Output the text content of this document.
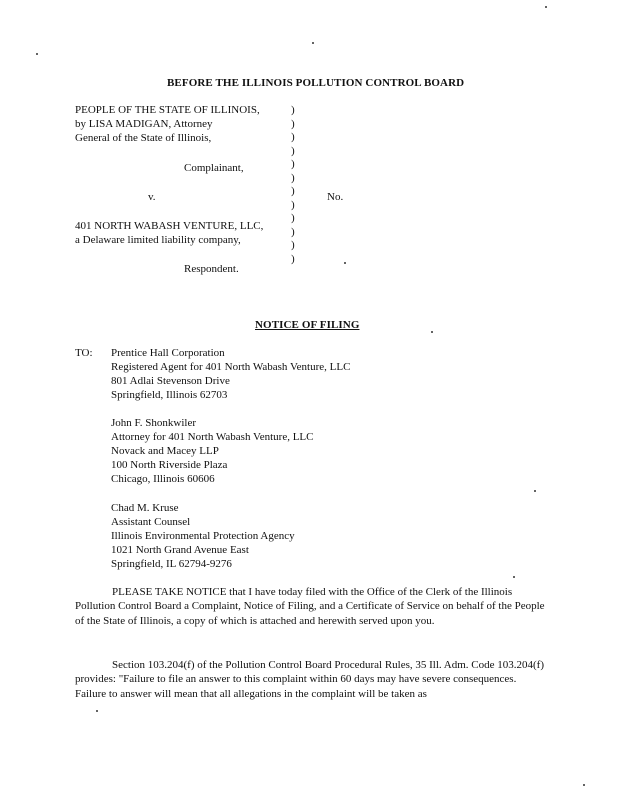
BEFORE THE ILLINOIS POLLUTION CONTROL BOARD
PEOPLE OF THE STATE OF ILLINOIS,
by LISA MADIGAN, Attorney
General of the State of Illinois,
Complainant,
v.	No.
401 NORTH WABASH VENTURE, LLC,
a Delaware limited liability company,
Respondent.
)
)
)
)
)
)
)
)
)
)
)
)
NOTICE OF FILING
TO: Prentice Hall Corporation
Registered Agent for 401 North Wabash Venture, LLC
801 Adlai Stevenson Drive
Springfield, Illinois 62703
John F. Shonkwiler
Attorney for 401 North Wabash Venture, LLC
Novack and Macey LLP
100 North Riverside Plaza
Chicago, Illinois 60606
Chad M. Kruse
Assistant Counsel
Illinois Environmental Protection Agency
1021 North Grand Avenue East
Springfield, IL 62794-9276
PLEASE TAKE NOTICE that I have today filed with the Office of the Clerk of the Illinois Pollution Control Board a Complaint, Notice of Filing, and a Certificate of Service on behalf of the People of the State of Illinois, a copy of which is attached and herewith served upon you.
Section 103.204(f) of the Pollution Control Board Procedural Rules, 35 Ill. Adm. Code 103.204(f) provides: "Failure to file an answer to this complaint within 60 days may have severe consequences. Failure to answer will mean that all allegations in the complaint will be taken as
